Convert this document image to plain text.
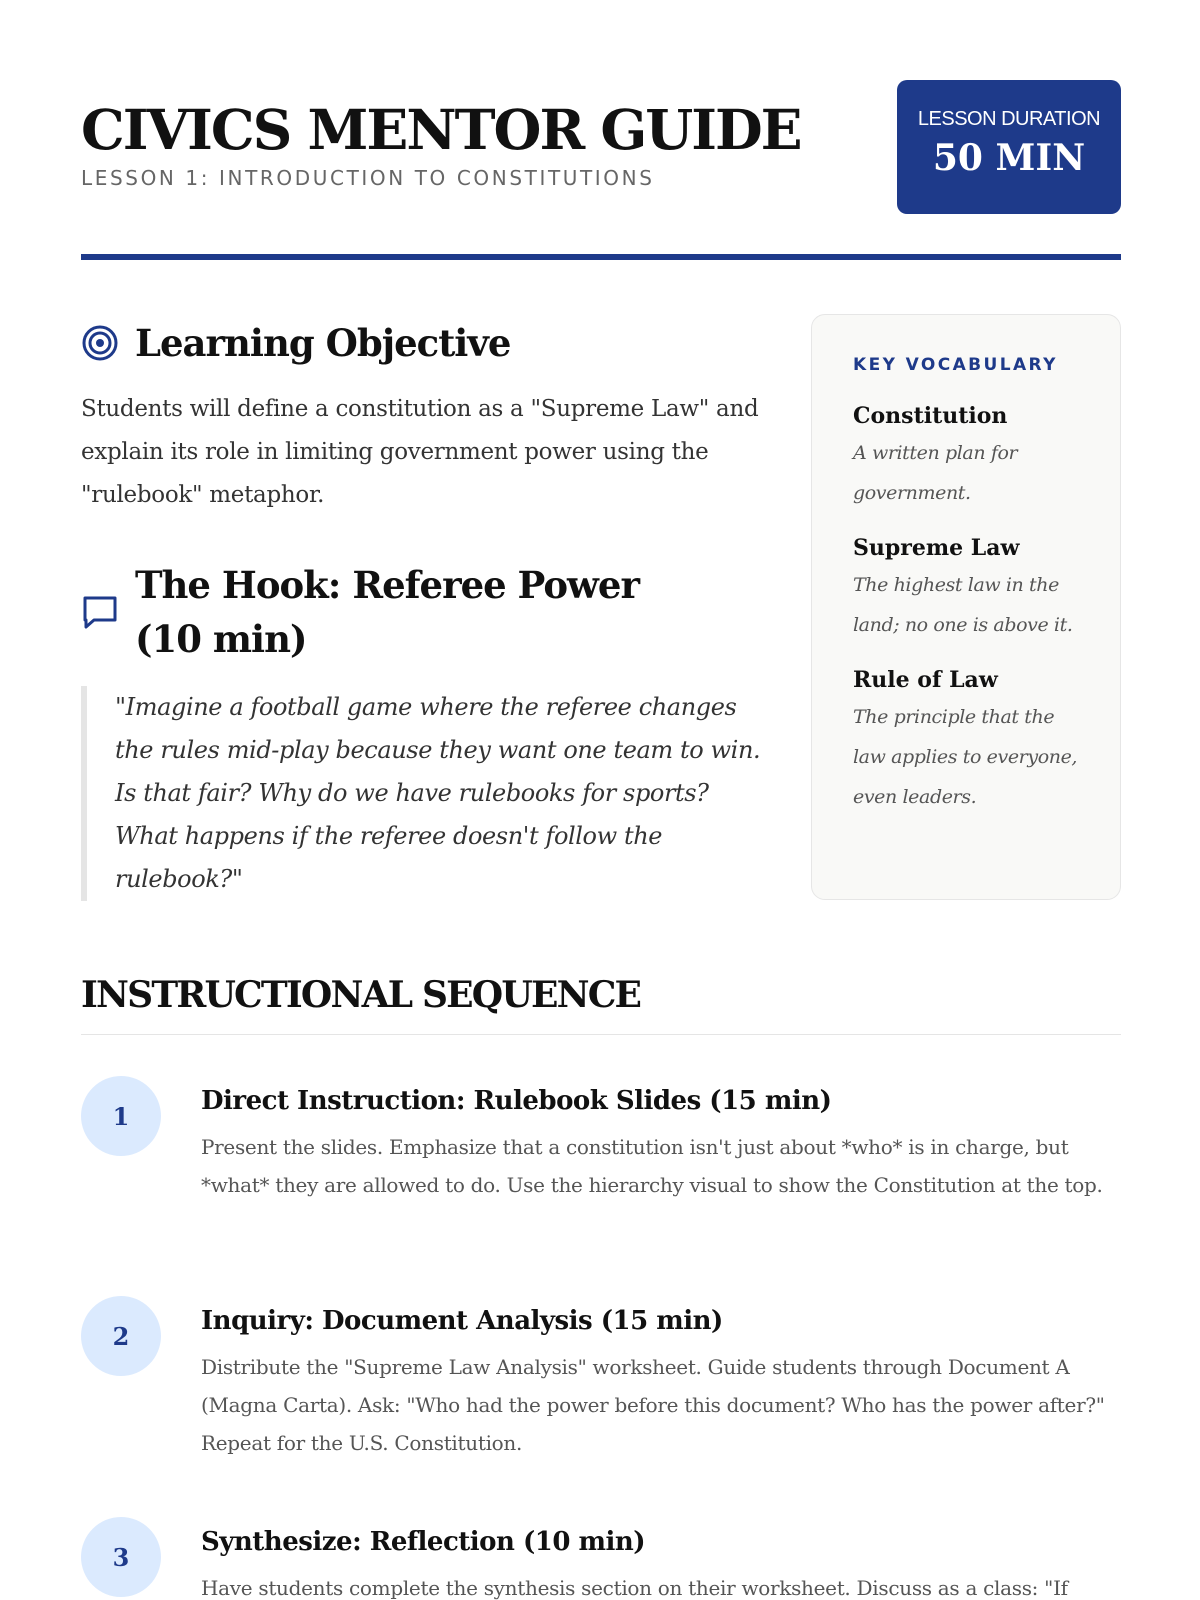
CIVICS MENTOR GUIDE
LESSON 1: INTRODUCTION TO CONSTITUTIONS
LESSON DURATION
50 MIN
Learning Objective

Students will define a constitution as a "Supreme Law" and explain its role in limiting government power using the "rulebook" metaphor.

The Hook: Referee Power (10 min)
"Imagine a football game where the referee changes the rules mid-play because they want one team to win. Is that fair? Why do we have rulebooks for sports? What happens if the referee doesn't follow the rulebook?"
KEY VOCABULARY
Constitution
A written plan for government.
Supreme Law
The highest law in the land; no one is above it.
Rule of Law
The principle that the law applies to everyone, even leaders.
INSTRUCTIONAL SEQUENCE
1	Direct Instruction: Rulebook Slides (15 min)
Present the slides. Emphasize that a constitution isn't just about *who* is in charge, but *what* they are allowed to do. Use the hierarchy visual to show the Constitution at the top.
2	Inquiry: Document Analysis (15 min)
Distribute the "Supreme Law Analysis" worksheet. Guide students through Document A (Magna Carta). Ask: "Who had the power before this document? Who has the power after?" Repeat for the U.S. Constitution.
3	Synthesize: Reflection (10 min)
Have students complete the synthesis section on their worksheet. Discuss as a class: "If
